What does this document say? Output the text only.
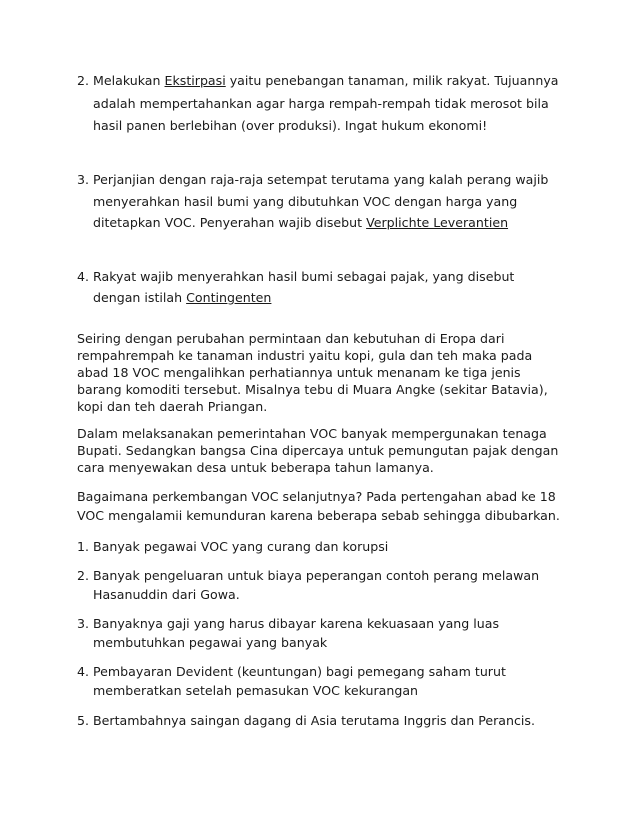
2. Melakukan Ekstirpasi yaitu penebangan tanaman, milik rakyat. Tujuannya
adalah mempertahankan agar harga rempah-rempah tidak merosot bila
hasil panen berlebihan (over produksi). Ingat hukum ekonomi!
3. Perjanjian dengan raja-raja setempat terutama yang kalah perang wajib
menyerahkan hasil bumi yang dibutuhkan VOC dengan harga yang
ditetapkan VOC. Penyerahan wajib disebut Verplichte Leverantien
4. Rakyat wajib menyerahkan hasil bumi sebagai pajak, yang disebut
dengan istilah Contingenten
Seiring dengan perubahan permintaan dan kebutuhan di Eropa dari
rempahrempah ke tanaman industri yaitu kopi, gula dan teh maka pada
abad 18 VOC mengalihkan perhatiannya untuk menanam ke tiga jenis
barang komoditi tersebut. Misalnya tebu di Muara Angke (sekitar Batavia),
kopi dan teh daerah Priangan.
Dalam melaksanakan pemerintahan VOC banyak mempergunakan tenaga
Bupati. Sedangkan bangsa Cina dipercaya untuk pemungutan pajak dengan
cara menyewakan desa untuk beberapa tahun lamanya.
Bagaimana perkembangan VOC selanjutnya? Pada pertengahan abad ke 18
VOC mengalamii kemunduran karena beberapa sebab sehingga dibubarkan.
1. Banyak pegawai VOC yang curang dan korupsi
2. Banyak pengeluaran untuk biaya peperangan contoh perang melawan
Hasanuddin dari Gowa.
3. Banyaknya gaji yang harus dibayar karena kekuasaan yang luas
membutuhkan pegawai yang banyak
4. Pembayaran Devident (keuntungan) bagi pemegang saham turut
memberatkan setelah pemasukan VOC kekurangan
5. Bertambahnya saingan dagang di Asia terutama Inggris dan Perancis.
